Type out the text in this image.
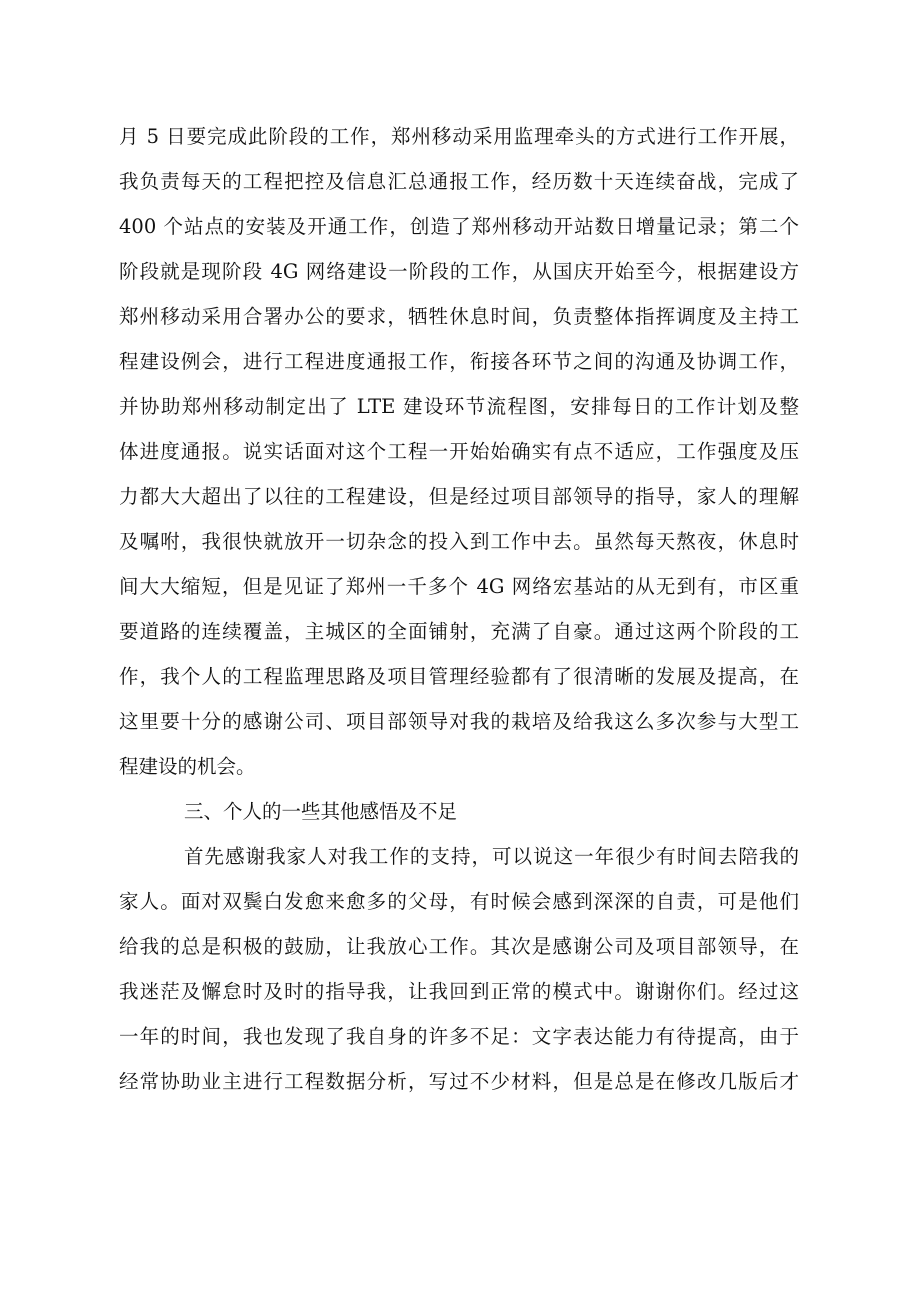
月 5 日要完成此阶段的工作，郑州移动采用监理牵头的方式进行工作开展，
我负责每天的工程把控及信息汇总通报工作，经历数十天连续奋战，完成了
400 个站点的安装及开通工作，创造了郑州移动开站数日增量记录；第二个
阶段就是现阶段 4G 网络建设一阶段的工作，从国庆开始至今，根据建设方
郑州移动采用合署办公的要求，牺牲休息时间，负责整体指挥调度及主持工
程建设例会，进行工程进度通报工作，衔接各环节之间的沟通及协调工作，
并协助郑州移动制定出了 LTE 建设环节流程图，安排每日的工作计划及整
体进度通报。说实话面对这个工程一开始始确实有点不适应，工作强度及压
力都大大超出了以往的工程建设，但是经过项目部领导的指导，家人的理解
及嘱咐，我很快就放开一切杂念的投入到工作中去。虽然每天熬夜，休息时
间大大缩短，但是见证了郑州一千多个 4G 网络宏基站的从无到有，市区重
要道路的连续覆盖，主城区的全面铺射，充满了自豪。通过这两个阶段的工
作，我个人的工程监理思路及项目管理经验都有了很清晰的发展及提高，在
这里要十分的感谢公司、项目部领导对我的栽培及给我这么多次参与大型工
程建设的机会。
三、个人的一些其他感悟及不足
首先感谢我家人对我工作的支持，可以说这一年很少有时间去陪我的
家人。面对双鬓白发愈来愈多的父母，有时候会感到深深的自责，可是他们
给我的总是积极的鼓励，让我放心工作。其次是感谢公司及项目部领导，在
我迷茫及懈怠时及时的指导我，让我回到正常的模式中。谢谢你们。经过这
一年的时间，我也发现了我自身的许多不足：文字表达能力有待提高，由于
经常协助业主进行工程数据分析，写过不少材料，但是总是在修改几版后才
